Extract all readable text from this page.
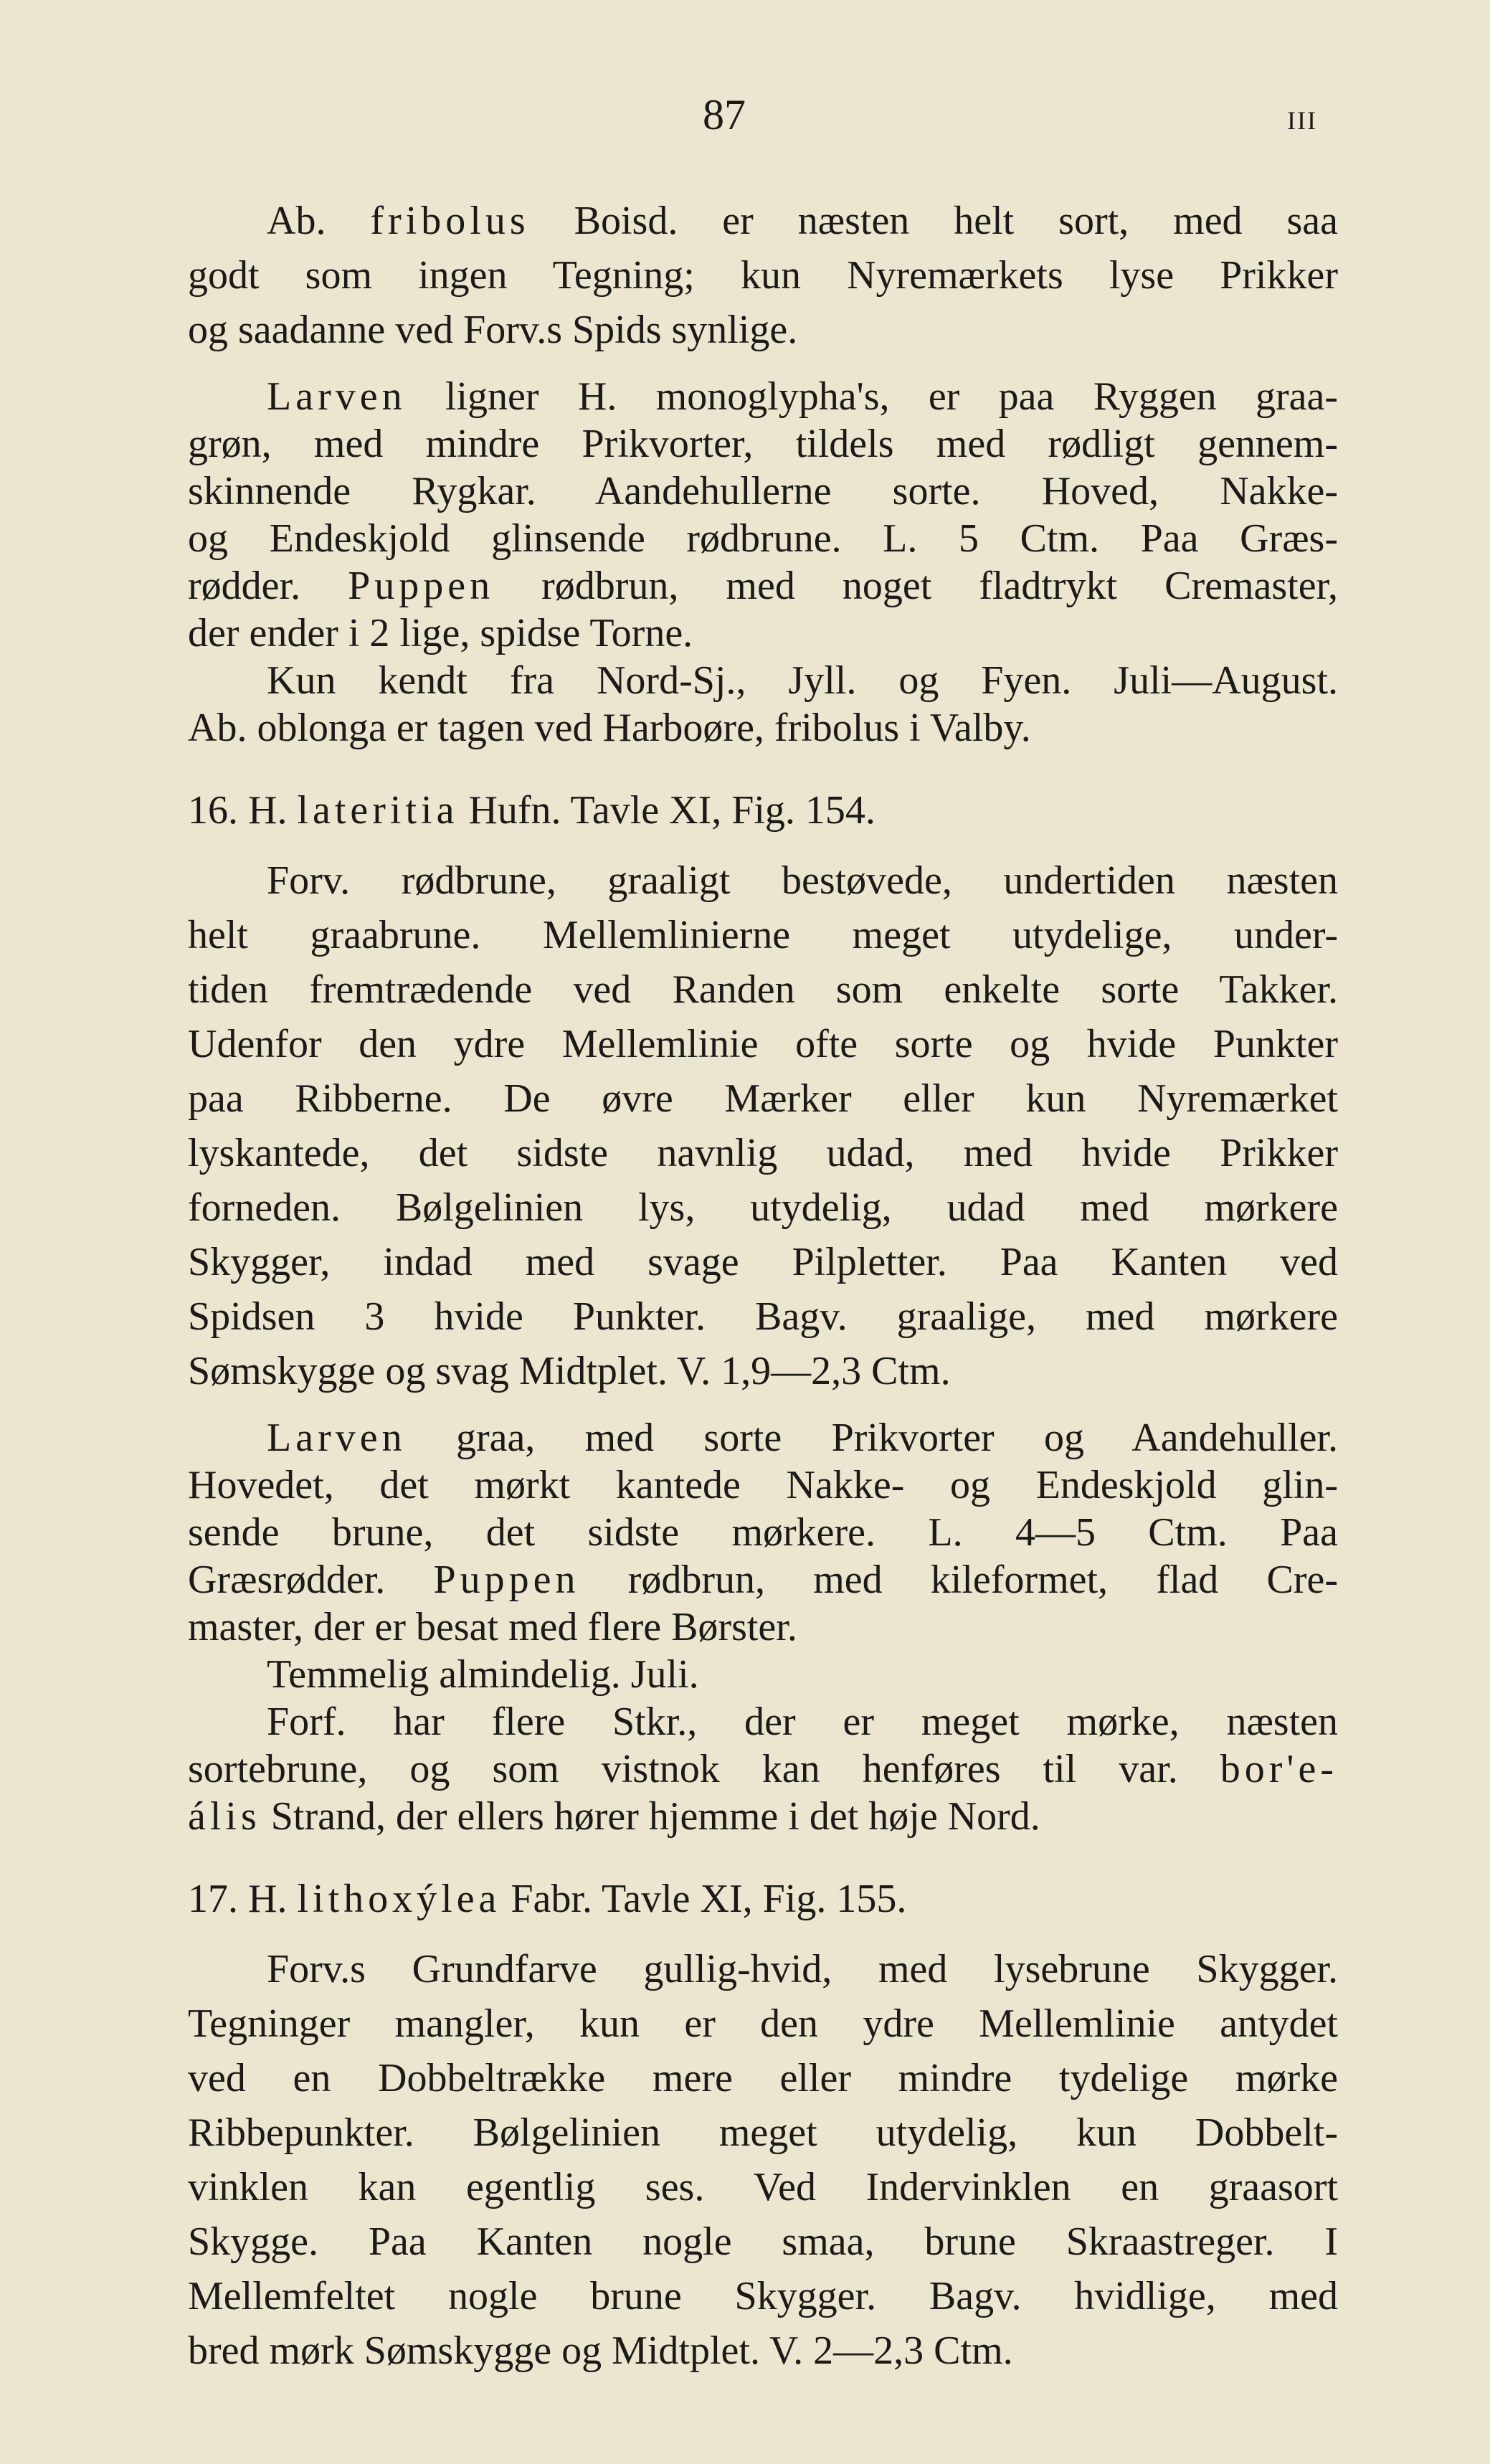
87	III

Ab. fribolus Boisd. er næsten helt sort, med saa

godt som ingen Tegning; kun Nyremærkets lyse Prikker

og saadanne ved Forv.s Spids synlige.

Larven ligner H. monoglypha's, er paa Ryggen graa-

grøn, med mindre Prikvorter, tildels med rødligt gennem-

skinnende Rygkar. Aandehullerne sorte. Hoved, Nakke-

og Endeskjold glinsende rødbrune. L. 5 Ctm. Paa Græs-

rødder. Puppen rødbrun, med noget fladtrykt Cremaster,

der ender i 2 lige, spidse Torne.

Kun kendt fra Nord-Sj., Jyll. og Fyen. Juli—August.

Ab. oblonga er tagen ved Harboøre, fribolus i Valby.

16. H. lateritia Hufn. Tavle XI, Fig. 154.

Forv. rødbrune, graaligt bestøvede, undertiden næsten

helt graabrune. Mellemlinierne meget utydelige, under-

tiden fremtrædende ved Randen som enkelte sorte Takker.

Udenfor den ydre Mellemlinie ofte sorte og hvide Punkter

paa Ribberne. De øvre Mærker eller kun Nyremærket

lyskantede, det sidste navnlig udad, med hvide Prikker

forneden. Bølgelinien lys, utydelig, udad med mørkere

Skygger, indad med svage Pilpletter. Paa Kanten ved

Spidsen 3 hvide Punkter. Bagv. graalige, med mørkere

Sømskygge og svag Midtplet. V. 1,9—2,3 Ctm.

Larven graa, med sorte Prikvorter og Aandehuller.

Hovedet, det mørkt kantede Nakke- og Endeskjold glin-

sende brune, det sidste mørkere. L. 4—5 Ctm. Paa

Græsrødder. Puppen rødbrun, med kileformet, flad Cre-

master, der er besat med flere Børster.

Temmelig almindelig. Juli.

Forf. har flere Stkr., der er meget mørke, næsten

sortebrune, og som vistnok kan henføres til var. bor'e-

ális Strand, der ellers hører hjemme i det høje Nord.

17. H. lithoxýlea Fabr. Tavle XI, Fig. 155.

Forv.s Grundfarve gullig-hvid, med lysebrune Skygger.

Tegninger mangler, kun er den ydre Mellemlinie antydet

ved en Dobbeltrække mere eller mindre tydelige mørke

Ribbepunkter. Bølgelinien meget utydelig, kun Dobbelt-

vinklen kan egentlig ses. Ved Indervinklen en graasort

Skygge. Paa Kanten nogle smaa, brune Skraastreger. I

Mellemfeltet nogle brune Skygger. Bagv. hvidlige, med

bred mørk Sømskygge og Midtplet. V. 2—2,3 Ctm.
